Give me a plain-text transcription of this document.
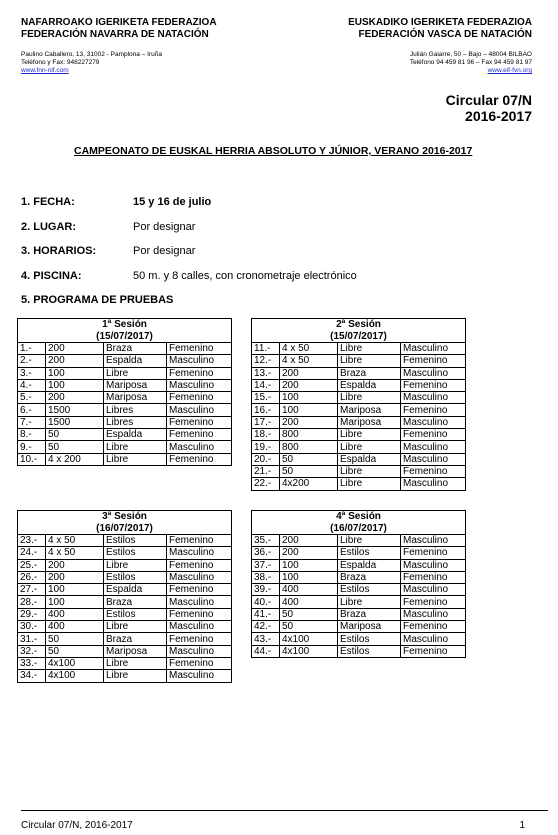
NAFARROAKO IGERIKETA FEDERAZIOA
FEDERACIÓN NAVARRA DE NATACIÓN
Paulino Caballero, 13, 31002 - Pamplona – Iruña
Teléfono y Fax: 948227279
www.fnn-nif.com
EUSKADIKO IGERIKETA FEDERAZIOA
FEDERACIÓN VASCA DE NATACIÓN
Julián Gaiarre, 50 – Bajo – 48004 BILBAO
Teléfono 94 459 81 96 – Fax 94 459 81 97
www.eif-fvn.org
Circular 07/N
2016-2017
CAMPEONATO DE EUSKAL HERRIA ABSOLUTO Y JÚNIOR, VERANO 2016-2017
1. FECHA:	15 y 16 de julio
2. LUGAR:	Por designar
3. HORARIOS:	Por designar
4. PISCINA:	50 m. y 8 calles, con cronometraje electrónico
5. PROGRAMA DE PRUEBAS
1ª Sesión
(15/07/2017)			

1.-	200	Braza	Femenino
2.-	200	Espalda	Masculino
3.-	100	Libre	Femenino
4.-	100	Mariposa	Masculino
5.-	200	Mariposa	Femenino
6.-	1500	Libres	Masculino
7.-	1500	Libres	Femenino
8.-	50	Espalda	Femenino
9.-	50	Libre	Masculino
10.-	4 x 200	Libre	Femenino
2ª Sesión
(15/07/2017)			

11.-	4 x 50	Libre	Masculino
12.-	4 x 50	Libre	Femenino
13.-	200	Braza	Masculino
14.-	200	Espalda	Femenino
15.-	100	Libre	Masculino
16.-	100	Mariposa	Femenino
17.-	200	Mariposa	Masculino
18.-	800	Libre	Femenino
19.-	800	Libre	Masculino
20.-	50	Espalda	Masculino
21.-	50	Libre	Femenino
22.-	4x200	Libre	Masculino
3ª Sesión
(16/07/2017)			

23.-	4 x 50	Estilos	Femenino
24.-	4 x 50	Estilos	Masculino
25.-	200	Libre	Femenino
26.-	200	Estilos	Masculino
27.-	100	Espalda	Femenino
28.-	100	Braza	Masculino
29.-	400	Estilos	Femenino
30.-	400	Libre	Masculino
31.-	50	Braza	Femenino
32.-	50	Mariposa	Masculino
33.-	4x100	Libre	Femenino
34.-	4x100	Libre	Masculino
4ª Sesión
(16/07/2017)			

35.-	200	Libre	Masculino
36.-	200	Estilos	Femenino
37.-	100	Espalda	Masculino
38.-	100	Braza	Femenino
39.-	400	Estilos	Masculino
40.-	400	Libre	Femenino
41.-	50	Braza	Masculino
42.-	50	Mariposa	Femenino
43.-	4x100	Estilos	Masculino
44.-	4x100	Estilos	Femenino
Circular 07/N, 2016-2017	1
